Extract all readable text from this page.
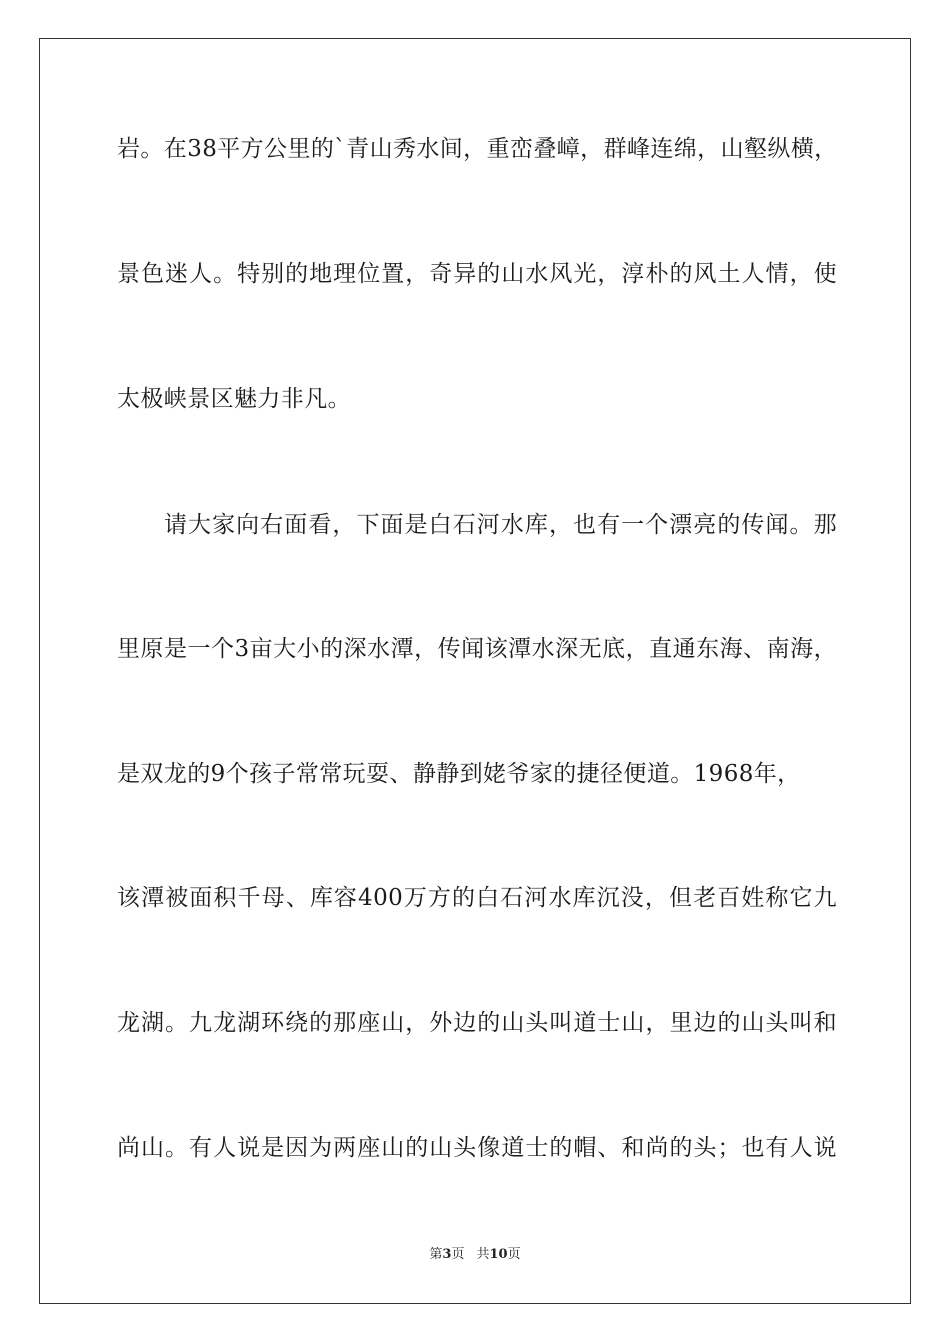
岩。在38平方公里的`青山秀水间，重峦叠嶂，群峰连绵，山壑纵横，
景色迷人。特别的地理位置，奇异的山水风光，淳朴的风土人情，使
太极峡景区魅力非凡。
请大家向右面看，下面是白石河水库，也有一个漂亮的传闻。那
里原是一个3亩大小的深水潭，传闻该潭水深无底，直通东海、南海，
是双龙的9个孩子常常玩耍、静静到姥爷家的捷径便道。1968年，
该潭被面积千母、库容400万方的白石河水库沉没，但老百姓称它九
龙湖。九龙湖环绕的那座山，外边的山头叫道士山，里边的山头叫和
尚山。有人说是因为两座山的山头像道士的帽、和尚的头；也有人说
第3页 共10页
